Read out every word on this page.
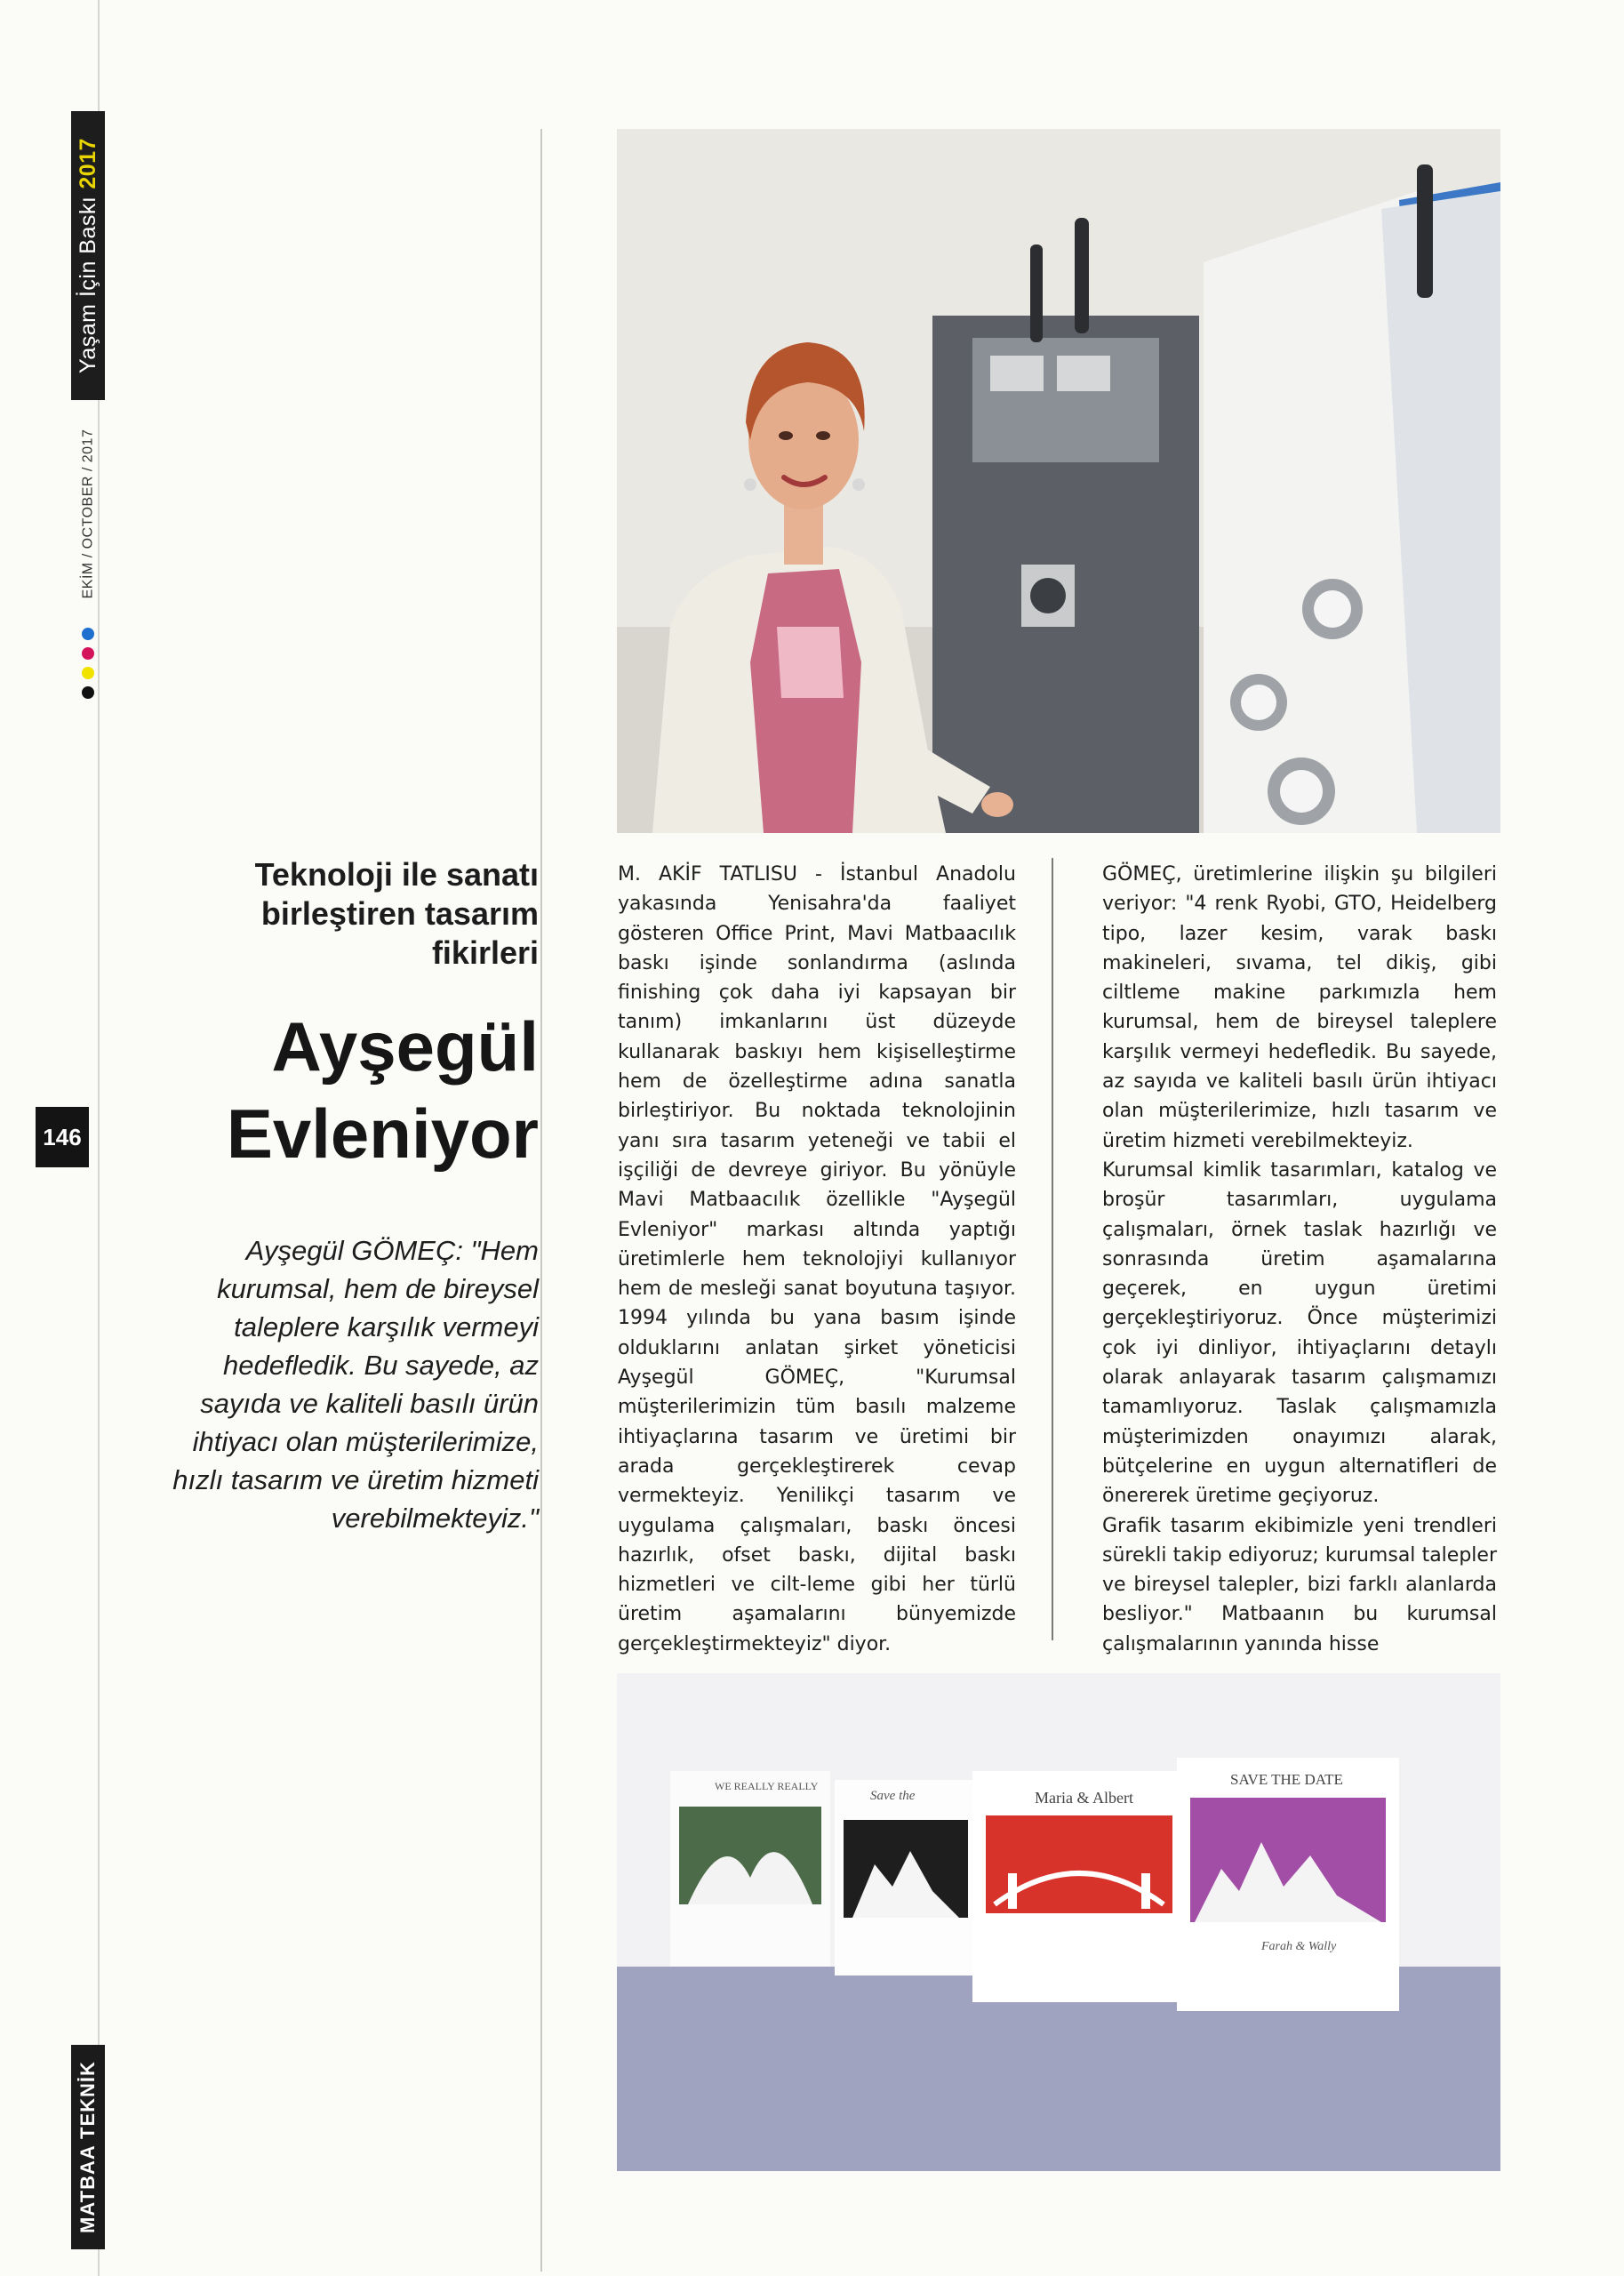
Yaşam İçin Baskı2017
EKİM / OCTOBER / 2017
146
MATBAA TEKNİK
Teknoloji ile sanatı birleştiren tasarım fikirleri
Ayşegül
Evleniyor
Ayşegül GÖMEÇ: "Hem kurumsal, hem de bireysel taleplere karşılık vermeyi hedefledik. Bu sayede, az sayıda ve kaliteli basılı ürün ihtiyacı olan müşterilerimize, hızlı tasarım ve üretim hizmeti verebilmekteyiz."

M. AKİF TATLISU - İstanbul Anadolu yakasında Yenisahra'da faaliyet gösteren Office Print, Mavi Matbaacılık baskı işinde sonlandırma (aslında finishing çok daha iyi kapsayan bir tanım) imkanlarını üst düzeyde kullanarak baskıyı hem kişiselleştirme hem de özelleştirme adına sanatla birleştiriyor. Bu noktada teknolojinin yanı sıra tasarım yeteneği ve tabii el işçiliği de devreye giriyor. Bu yönüyle Mavi Matbaacılık özellikle "Ayşegül Evleniyor" markası altında yaptığı üretimlerle hem teknolojiyi kullanıyor hem de mesleği sanat boyutuna taşıyor. 1994 yılında bu yana basım işinde olduklarını anlatan şirket yöneticisi Ayşegül GÖMEÇ, "Kurumsal müşterilerimizin tüm basılı malzeme ihtiyaçlarına tasarım ve üretimi bir arada gerçekleştirerek cevap vermekteyiz. Yenilikçi tasarım ve uygulama çalışmaları, baskı öncesi hazırlık, ofset baskı, dijital baskı hizmetleri ve cilt-leme gibi her türlü üretim aşamalarını bünyemizde gerçekleştirmekteyiz" diyor.

GÖMEÇ, üretimlerine ilişkin şu bilgileri veriyor: "4 renk Ryobi, GTO, Heidelberg tipo, lazer kesim, varak baskı makineleri, sıvama, tel dikiş, gibi ciltleme makine parkımızla hem kurumsal, hem de bireysel taleplere karşılık vermeyi hedefledik. Bu sayede, az sayıda ve kaliteli basılı ürün ihtiyacı olan müşterilerimize, hızlı tasarım ve üretim hizmeti verebilmekteyiz.

Kurumsal kimlik tasarımları, katalog ve broşür tasarımları, uygulama çalışmaları, örnek taslak hazırlığı ve sonrasında üretim aşamalarına geçerek, en uygun üretimi gerçekleştiriyoruz. Önce müşterimizi çok iyi dinliyor, ihtiyaçlarını detaylı olarak anlayarak tasarım çalışmamızı tamamlıyoruz. Taslak çalışmamızla müşterimizden onayımızı alarak, bütçelerine en uygun alternatifleri de önererek üretime geçiyoruz.

Grafik tasarım ekibimizle yeni trendleri sürekli takip ediyoruz; kurumsal talepler ve bireysel talepler, bizi farklı alanlarda besliyor." Matbaanın bu kurumsal çalışmalarının yanında hisse

WE REALLY REALLY
Save the	Maria & Albert
SAVE THE DATE
Farah & Wally
